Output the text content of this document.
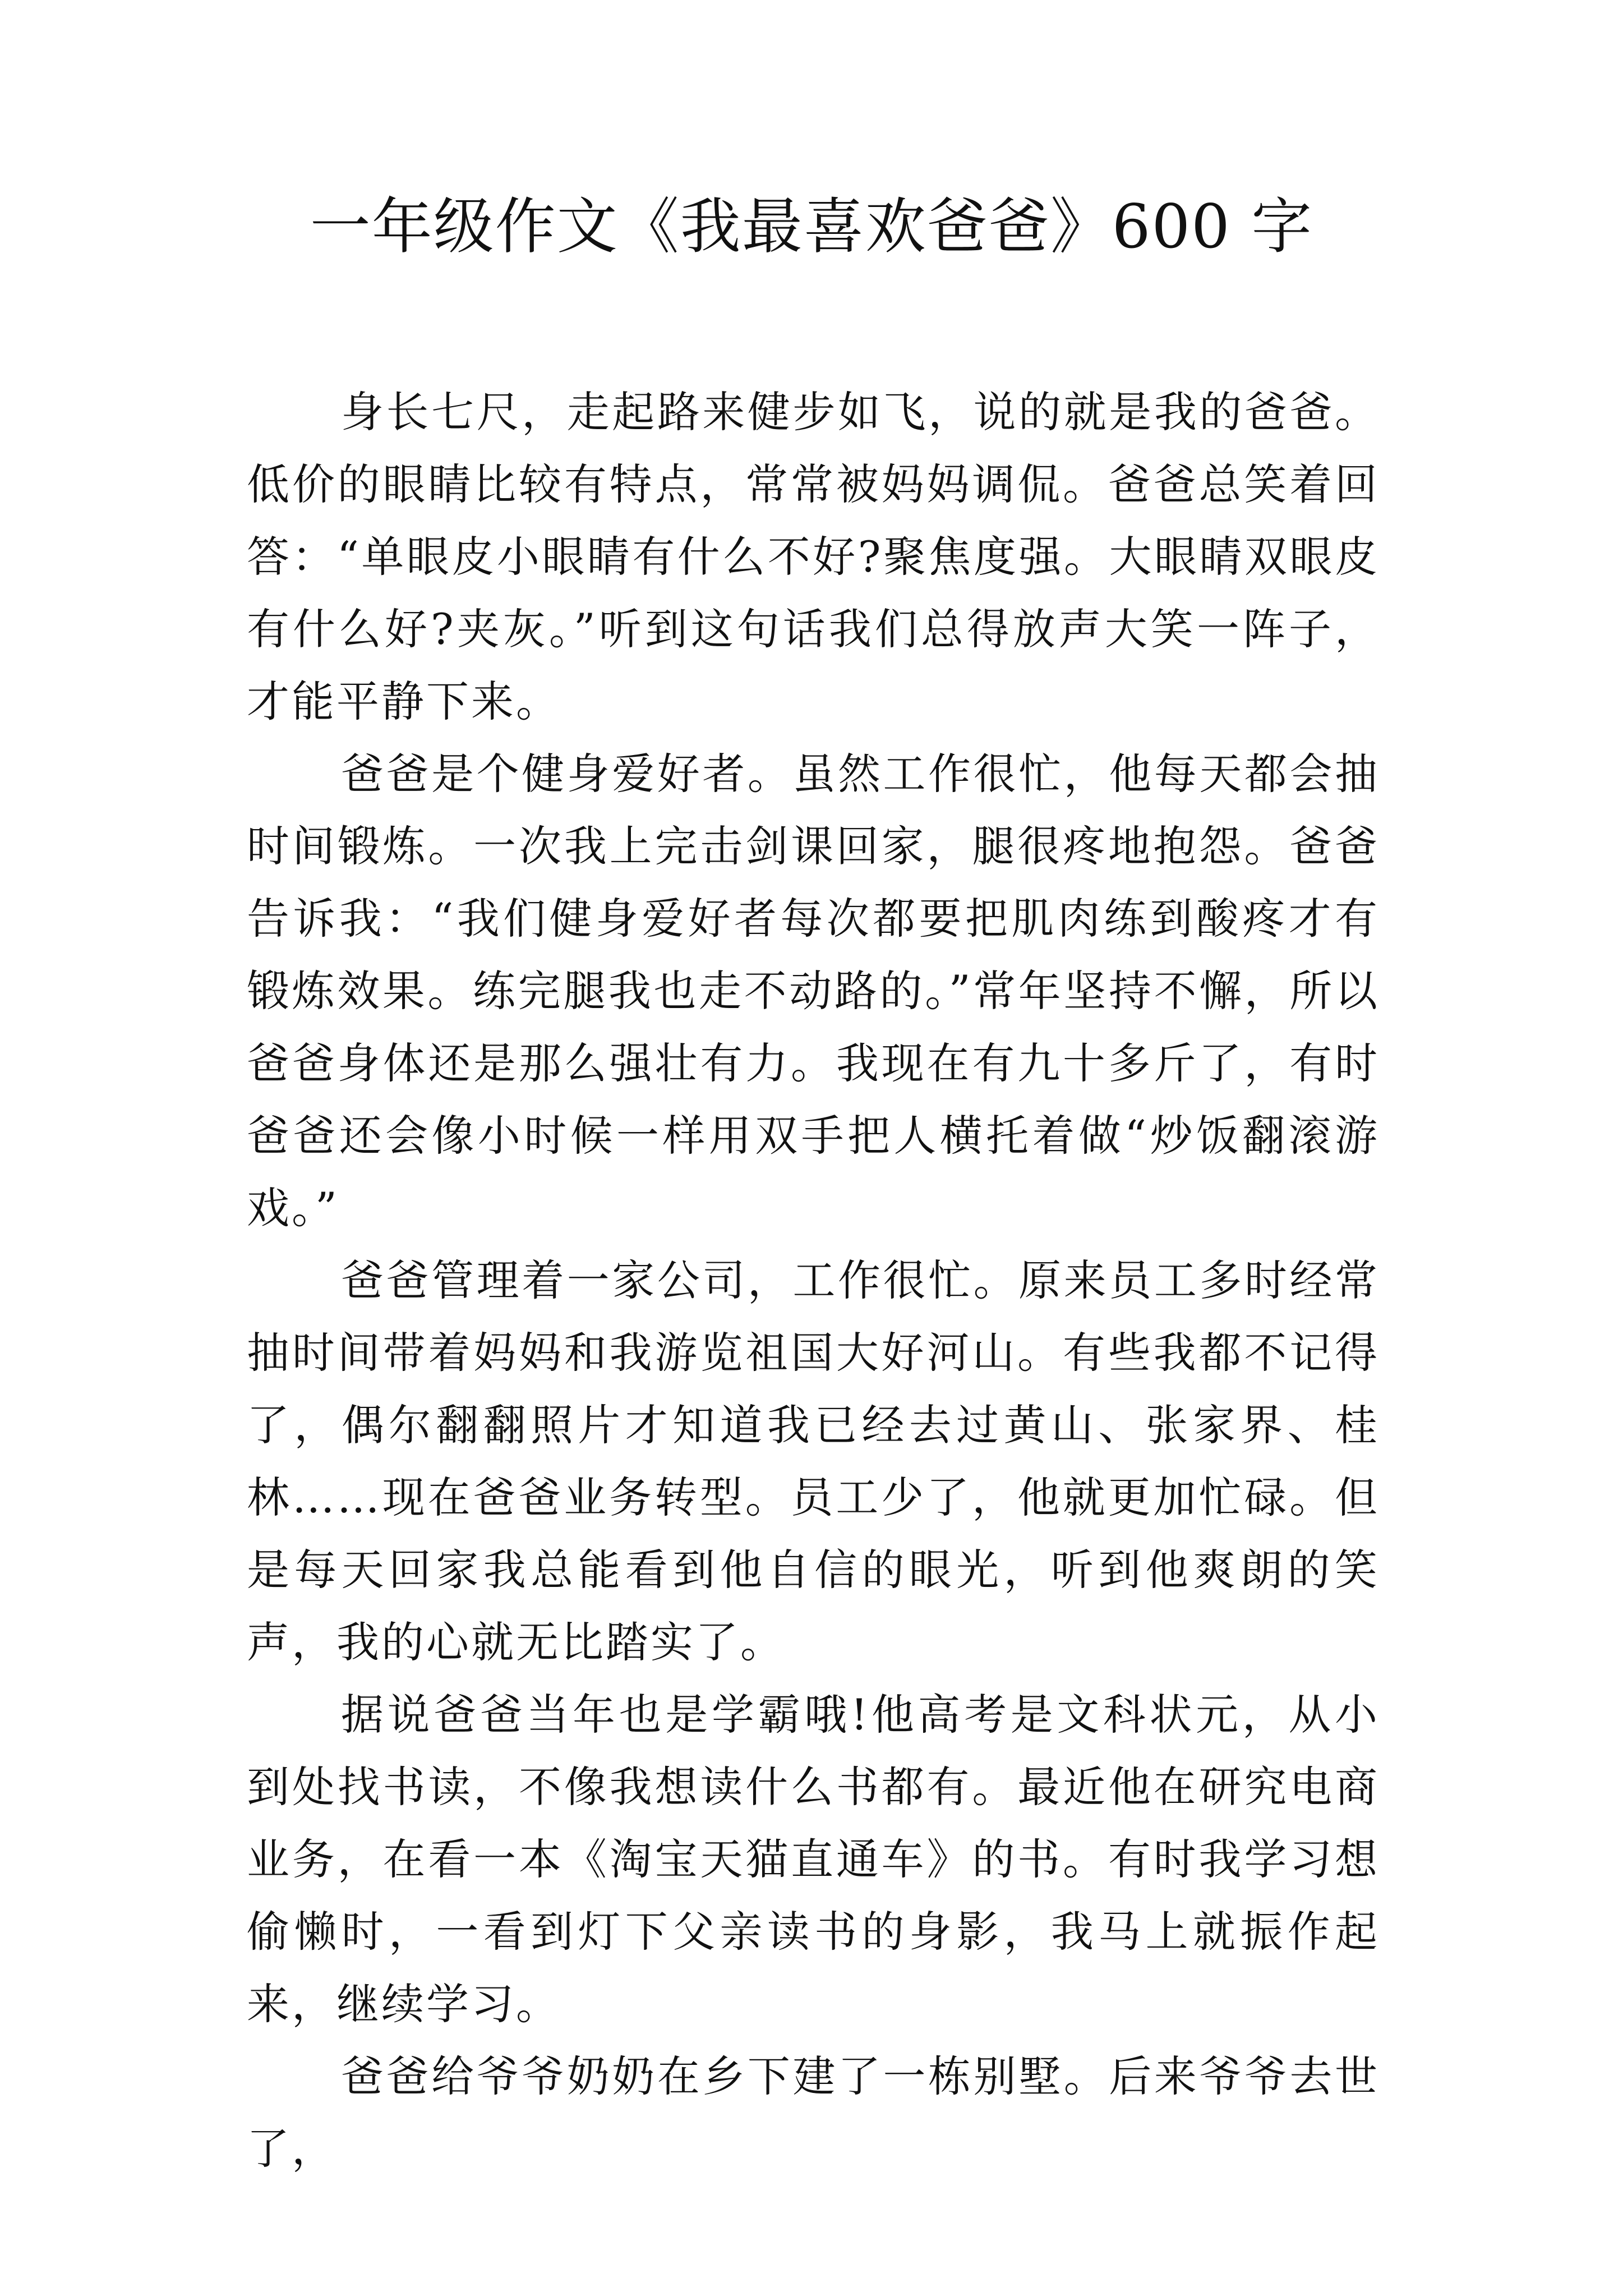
一年级作文《我最喜欢爸爸》600 字

身长七尺，走起路来健步如飞，说的就是我的爸爸。低价的眼睛比较有特点，常常被妈妈调侃。爸爸总笑着回答：“单眼皮小眼睛有什么不好?聚焦度强。大眼睛双眼皮有什么好?夹灰。”听到这句话我们总得放声大笑一阵子，才能平静下来。

爸爸是个健身爱好者。虽然工作很忙，他每天都会抽时间锻炼。一次我上完击剑课回家，腿很疼地抱怨。爸爸告诉我：“我们健身爱好者每次都要把肌肉练到酸疼才有锻炼效果。练完腿我也走不动路的。”常年坚持不懈，所以爸爸身体还是那么强壮有力。我现在有九十多斤了，有时爸爸还会像小时候一样用双手把人横托着做“炒饭翻滚游戏。”

爸爸管理着一家公司，工作很忙。原来员工多时经常抽时间带着妈妈和我游览祖国大好河山。有些我都不记得了，偶尔翻翻照片才知道我已经去过黄山、张家界、桂林……现在爸爸业务转型。员工少了，他就更加忙碌。但是每天回家我总能看到他自信的眼光，听到他爽朗的笑声，我的心就无比踏实了。

据说爸爸当年也是学霸哦!他高考是文科状元，从小到处找书读，不像我想读什么书都有。最近他在研究电商业务，在看一本《淘宝天猫直通车》的书。有时我学习想偷懒时，一看到灯下父亲读书的身影，我马上就振作起来，继续学习。

爸爸给爷爷奶奶在乡下建了一栋别墅。后来爷爷去世了，
